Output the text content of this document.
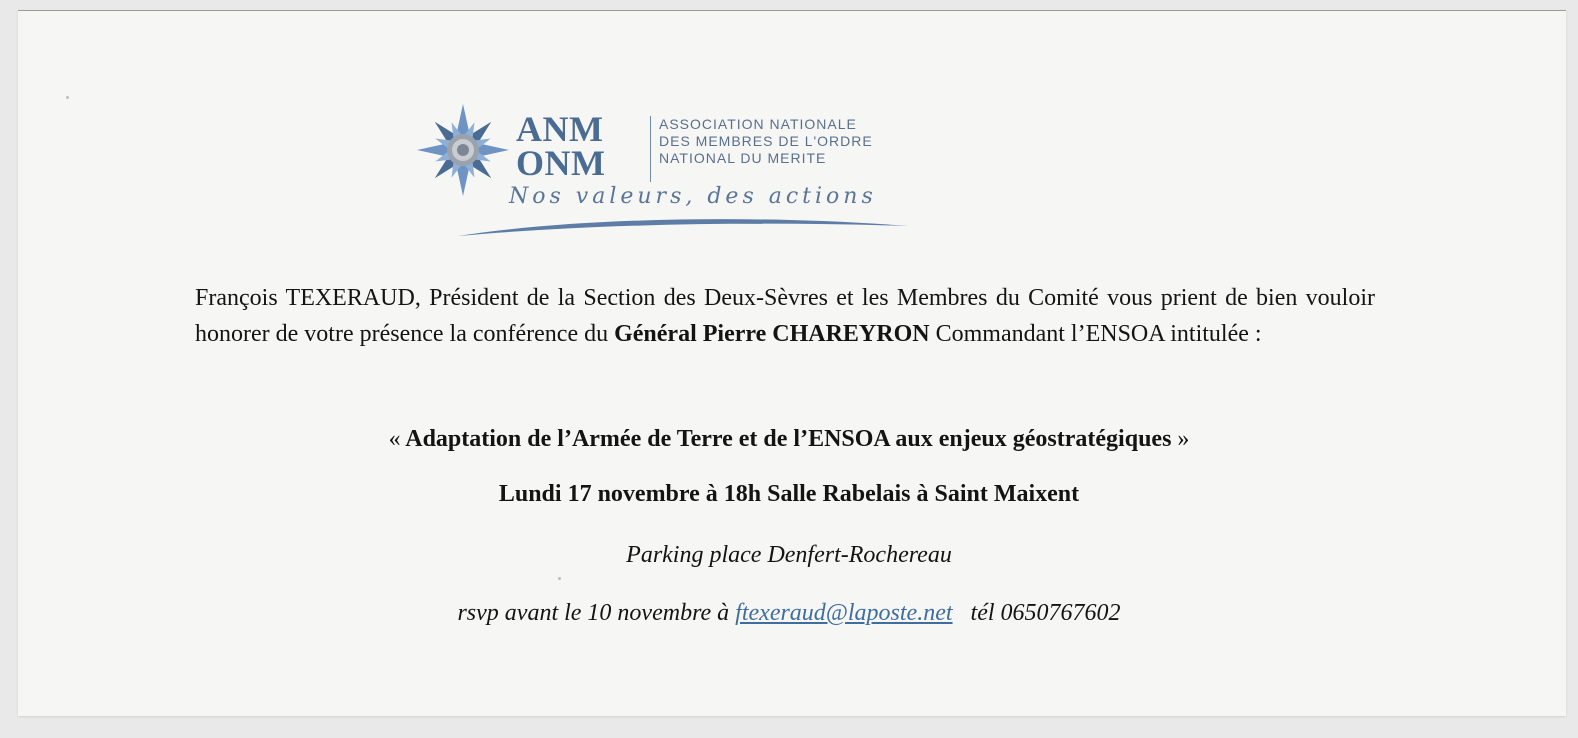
ANM
ONM
ASSOCIATION NATIONALE
DES MEMBRES DE L'ORDRE
NATIONAL DU MERITE
Nos valeurs, des actions

François TEXERAUD, Président de la Section des Deux-Sèvres et les Membres du Comité vous prient de bien vouloir honorer de votre présence la conférence du Général Pierre CHAREYRON Commandant l’ENSOA intitulée :

« Adaptation de l’Armée de Terre et de l’ENSOA aux enjeux géostratégiques »

Lundi 17 novembre à 18h Salle Rabelais à Saint Maixent

Parking place Denfert-Rochereau

rsvp avant le 10 novembre à ftexeraud@laposte.net tél 0650767602
